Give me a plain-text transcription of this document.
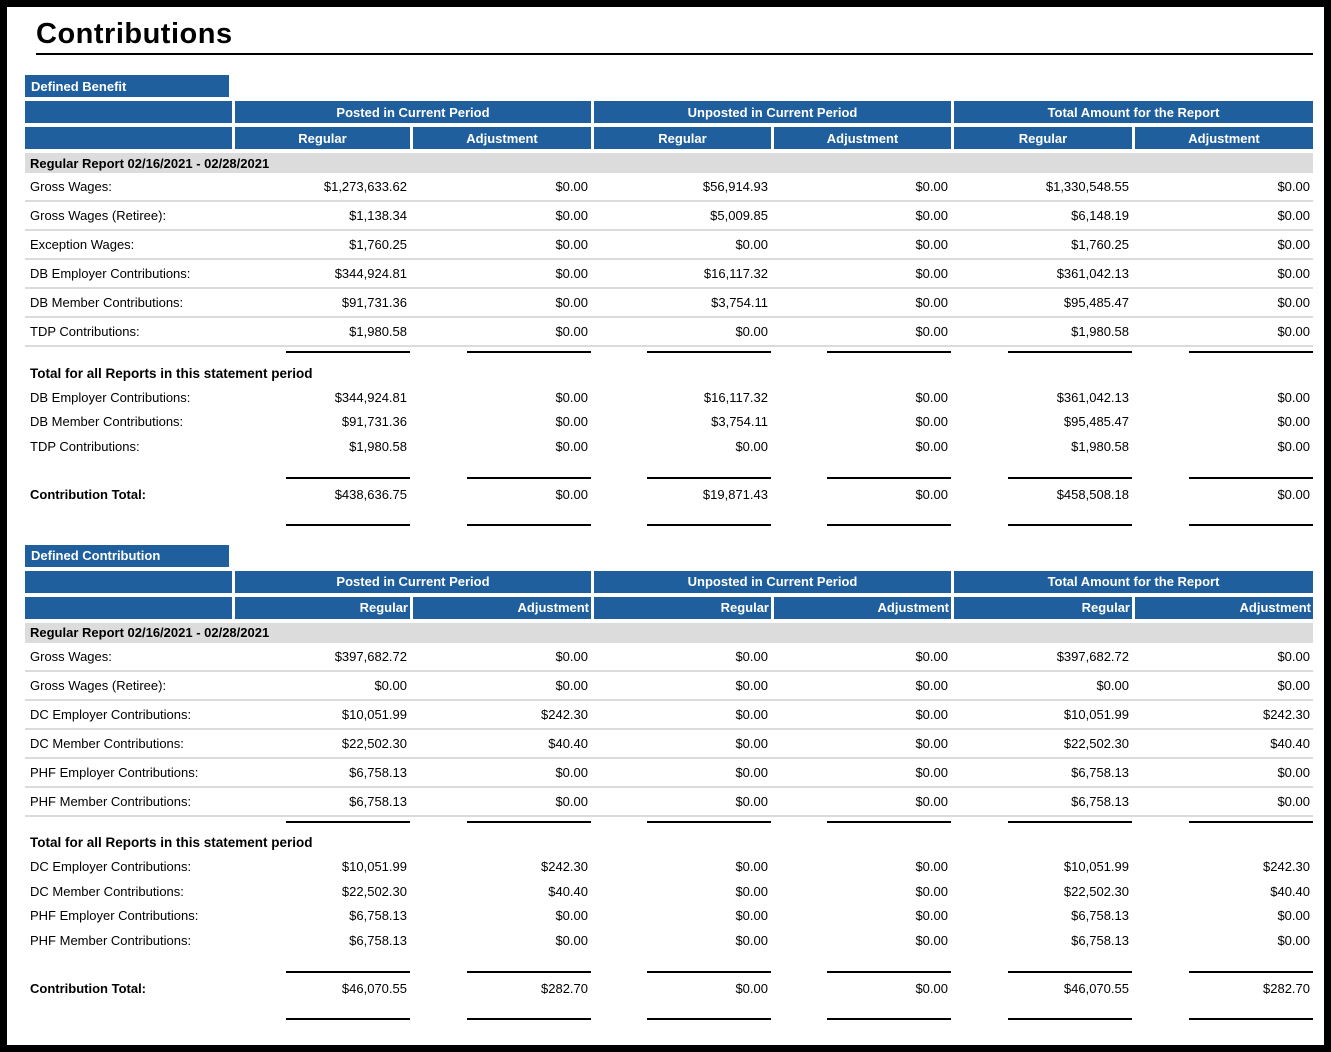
Contributions
Defined Benefit
Posted in Current Period	Unposted in Current Period	Total Amount for the Report
Regular	Adjustment	Regular	Adjustment	Regular	Adjustment
Regular Report 02/16/2021 - 02/28/2021
Gross Wages:	$1,273,633.62	$0.00	$56,914.93	$0.00	$1,330,548.55	$0.00
Gross Wages (Retiree):	$1,138.34	$0.00	$5,009.85	$0.00	$6,148.19	$0.00
Exception Wages:	$1,760.25	$0.00	$0.00	$0.00	$1,760.25	$0.00
DB Employer Contributions:	$344,924.81	$0.00	$16,117.32	$0.00	$361,042.13	$0.00
DB Member Contributions:	$91,731.36	$0.00	$3,754.11	$0.00	$95,485.47	$0.00
TDP Contributions:	$1,980.58	$0.00	$0.00	$0.00	$1,980.58	$0.00
Total for all Reports in this statement period
DB Employer Contributions:	$344,924.81	$0.00	$16,117.32	$0.00	$361,042.13	$0.00
DB Member Contributions:	$91,731.36	$0.00	$3,754.11	$0.00	$95,485.47	$0.00
TDP Contributions:	$1,980.58	$0.00	$0.00	$0.00	$1,980.58	$0.00
Contribution Total:	$438,636.75	$0.00	$19,871.43	$0.00	$458,508.18	$0.00
Defined Contribution
Posted in Current Period	Unposted in Current Period	Total Amount for the Report
Regular	Adjustment	Regular	Adjustment	Regular	Adjustment
Regular Report 02/16/2021 - 02/28/2021
Gross Wages:	$397,682.72	$0.00	$0.00	$0.00	$397,682.72	$0.00
Gross Wages (Retiree):	$0.00	$0.00	$0.00	$0.00	$0.00	$0.00
DC Employer Contributions:	$10,051.99	$242.30	$0.00	$0.00	$10,051.99	$242.30
DC Member Contributions:	$22,502.30	$40.40	$0.00	$0.00	$22,502.30	$40.40
PHF Employer Contributions:	$6,758.13	$0.00	$0.00	$0.00	$6,758.13	$0.00
PHF Member Contributions:	$6,758.13	$0.00	$0.00	$0.00	$6,758.13	$0.00
Total for all Reports in this statement period
DC Employer Contributions:	$10,051.99	$242.30	$0.00	$0.00	$10,051.99	$242.30
DC Member Contributions:	$22,502.30	$40.40	$0.00	$0.00	$22,502.30	$40.40
PHF Employer Contributions:	$6,758.13	$0.00	$0.00	$0.00	$6,758.13	$0.00
PHF Member Contributions:	$6,758.13	$0.00	$0.00	$0.00	$6,758.13	$0.00
Contribution Total:	$46,070.55	$282.70	$0.00	$0.00	$46,070.55	$282.70
